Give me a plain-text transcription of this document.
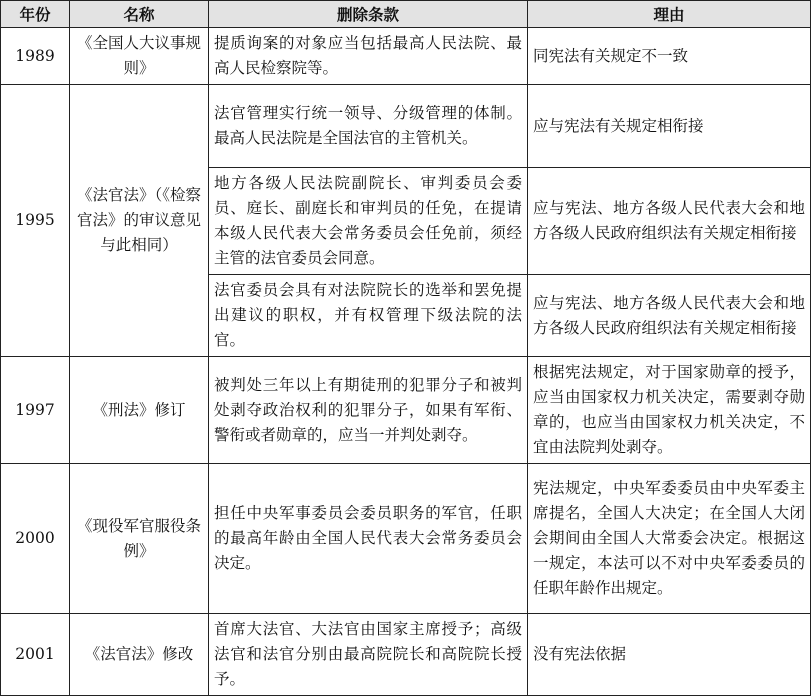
年份	名称	删除条款	理由
1989	《全国人大议事规则》	提质询案的对象应当包括最高人民法院、最高人民检察院等。	同宪法有关规定不一致
1995	《法官法》（《检察官法》的审议意见与此相同）	法官管理实行统一领导、分级管理的体制。最高人民法院是全国法官的主管机关。	应与宪法有关规定相衔接
		地方各级人民法院副院长、审判委员会委员、庭长、副庭长和审判员的任免，在提请本级人民代表大会常务委员会任免前，须经主管的法官委员会同意。	应与宪法、地方各级人民代表大会和地方各级人民政府组织法有关规定相衔接
		法官委员会具有对法院院长的选举和罢免提出建议的职权，并有权管理下级法院的法官。	应与宪法、地方各级人民代表大会和地方各级人民政府组织法有关规定相衔接
1997	《刑法》修订	被判处三年以上有期徒刑的犯罪分子和被判处剥夺政治权利的犯罪分子，如果有军衔、警衔或者勋章的，应当一并判处剥夺。	根据宪法规定，对于国家勋章的授予，应当由国家权力机关决定，需要剥夺勋章的，也应当由国家权力机关决定，不宜由法院判处剥夺。
2000	《现役军官服役条例》	担任中央军事委员会委员职务的军官，任职的最高年龄由全国人民代表大会常务委员会决定。	宪法规定，中央军委委员由中央军委主席提名，全国人大决定；在全国人大闭会期间由全国人大常委会决定。根据这一规定，本法可以不对中央军委委员的任职年龄作出规定。
2001	《法官法》修改	首席大法官、大法官由国家主席授予；高级法官和法官分别由最高院院长和高院院长授予。	没有宪法依据
